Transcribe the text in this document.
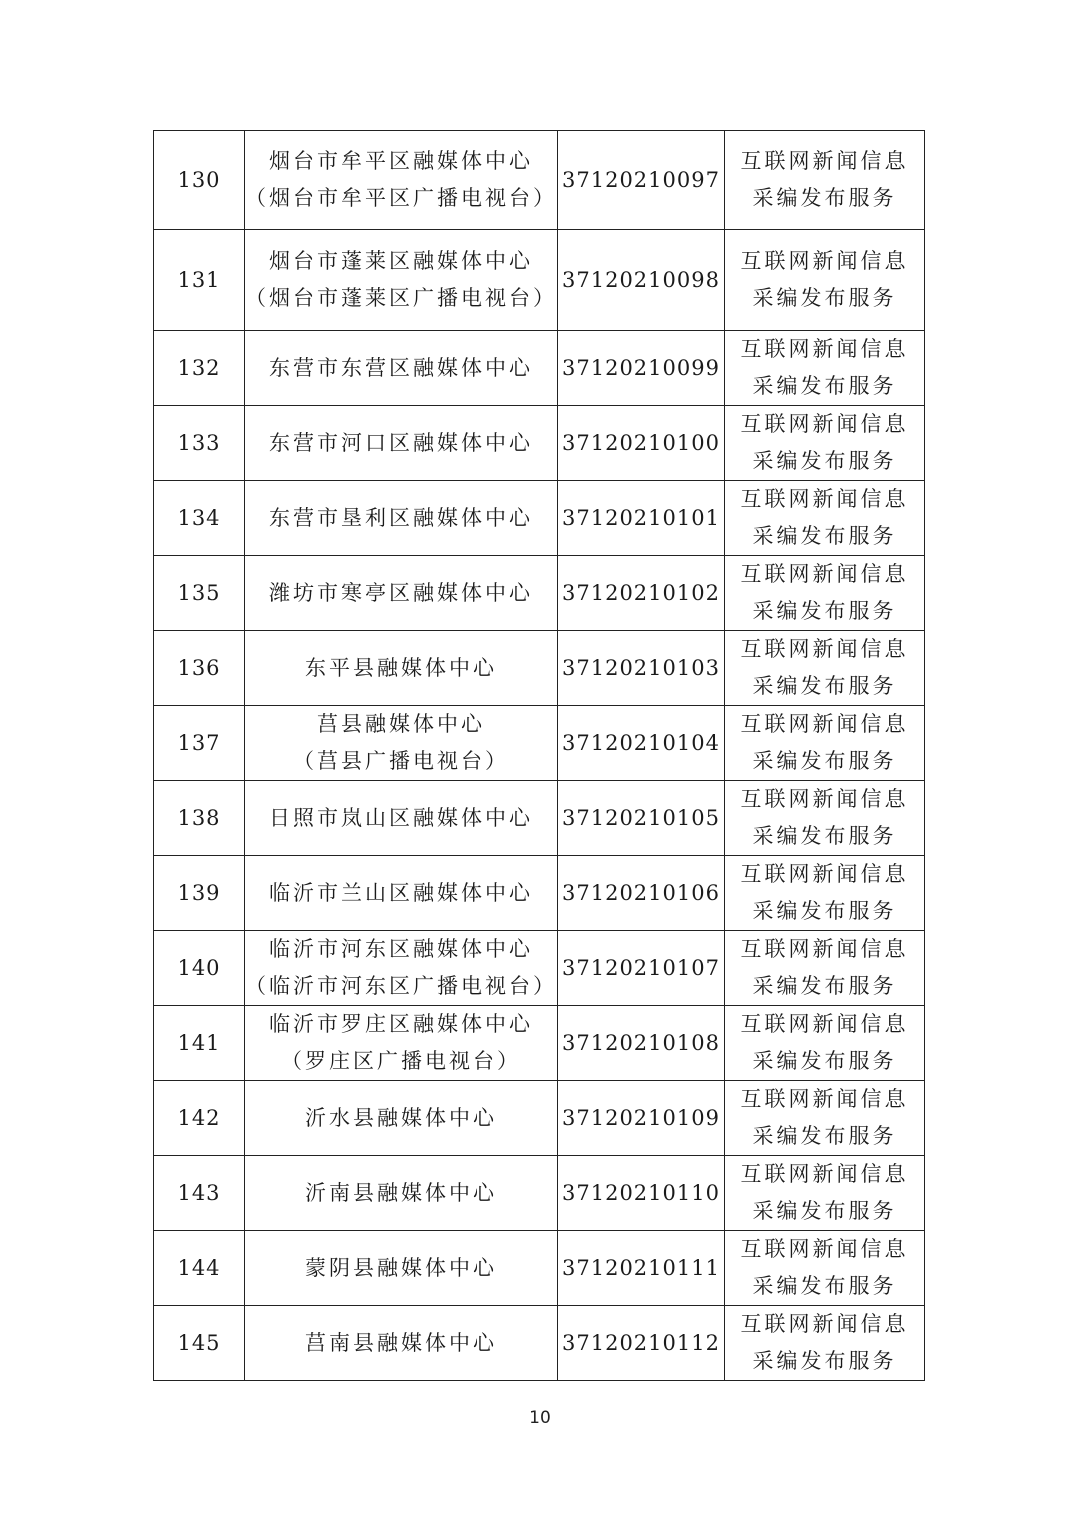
130	烟台市牟平区融媒体中心
（烟台市牟平区广播电视台）	37120210097	互联网新闻信息
采编发布服务

131	烟台市蓬莱区融媒体中心
（烟台市蓬莱区广播电视台）	37120210098	互联网新闻信息
采编发布服务

132	东营市东营区融媒体中心	37120210099	互联网新闻信息
采编发布服务

133	东营市河口区融媒体中心	37120210100	互联网新闻信息
采编发布服务

134	东营市垦利区融媒体中心	37120210101	互联网新闻信息
采编发布服务

135	潍坊市寒亭区融媒体中心	37120210102	互联网新闻信息
采编发布服务

136	东平县融媒体中心	37120210103	互联网新闻信息
采编发布服务

137	莒县融媒体中心
（莒县广播电视台）	37120210104	互联网新闻信息
采编发布服务

138	日照市岚山区融媒体中心	37120210105	互联网新闻信息
采编发布服务

139	临沂市兰山区融媒体中心	37120210106	互联网新闻信息
采编发布服务

140	临沂市河东区融媒体中心
（临沂市河东区广播电视台）	37120210107	互联网新闻信息
采编发布服务

141	临沂市罗庄区融媒体中心
（罗庄区广播电视台）	37120210108	互联网新闻信息
采编发布服务

142	沂水县融媒体中心	37120210109	互联网新闻信息
采编发布服务

143	沂南县融媒体中心	37120210110	互联网新闻信息
采编发布服务

144	蒙阴县融媒体中心	37120210111	互联网新闻信息
采编发布服务

145	莒南县融媒体中心	37120210112	互联网新闻信息
采编发布服务
10
